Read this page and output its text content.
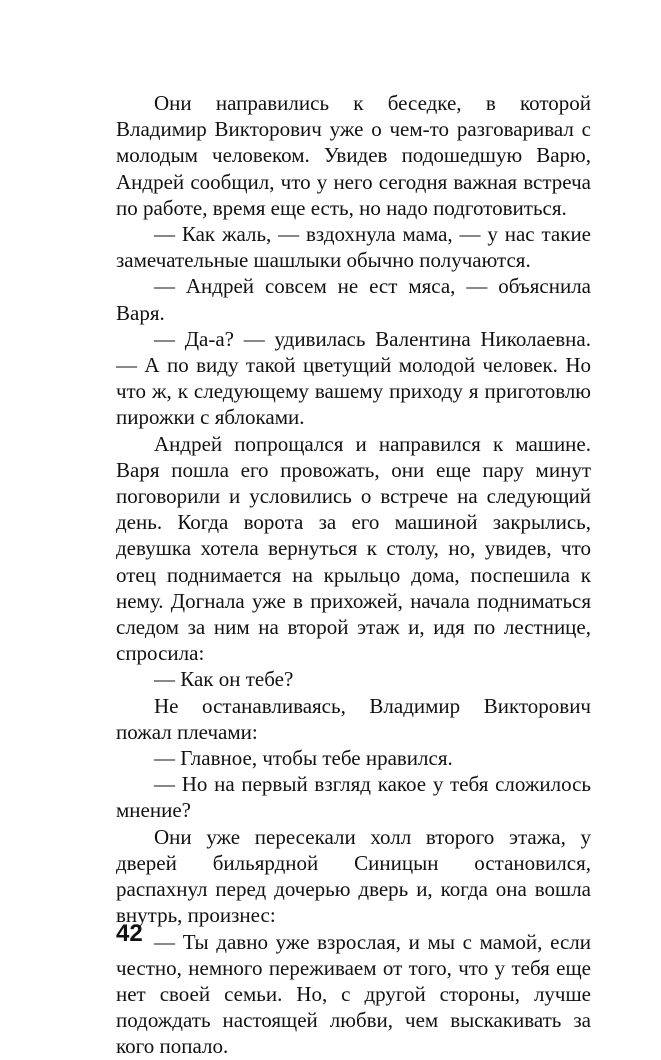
Они направились к беседке, в которой Владимир Викторович уже о чем-то разговаривал с молодым человеком. Увидев подошедшую Варю, Андрей сообщил, что у него сегодня важная встреча по работе, время еще есть, но надо подготовиться.

— Как жаль, — вздохнула мама, — у нас такие замечательные шашлыки обычно получаются.

— Андрей совсем не ест мяса, — объяснила Варя.

— Да-а? — удивилась Валентина Николаевна. — А по виду такой цветущий молодой человек. Но что ж, к следующему вашему приходу я приготовлю пирожки с яблоками.

Андрей попрощался и направился к машине. Варя пошла его провожать, они еще пару минут поговорили и условились о встрече на следующий день. Когда ворота за его машиной закрылись, девушка хотела вернуться к столу, но, увидев, что отец поднимается на крыльцо дома, поспешила к нему. Догнала уже в прихожей, начала подниматься следом за ним на второй этаж и, идя по лестнице, спросила:

— Как он тебе?

Не останавливаясь, Владимир Викторович пожал плечами:

— Главное, чтобы тебе нравился.

— Но на первый взгляд какое у тебя сложилось мнение?

Они уже пересекали холл второго этажа, у дверей бильярдной Синицын остановился, распахнул перед дочерью дверь и, когда она вошла внутрь, произнес:

— Ты давно уже взрослая, и мы с мамой, если честно, немного переживаем от того, что у тебя еще нет своей семьи. Но, с другой стороны, лучше подождать настоящей любви, чем выскакивать за кого попало.

42
